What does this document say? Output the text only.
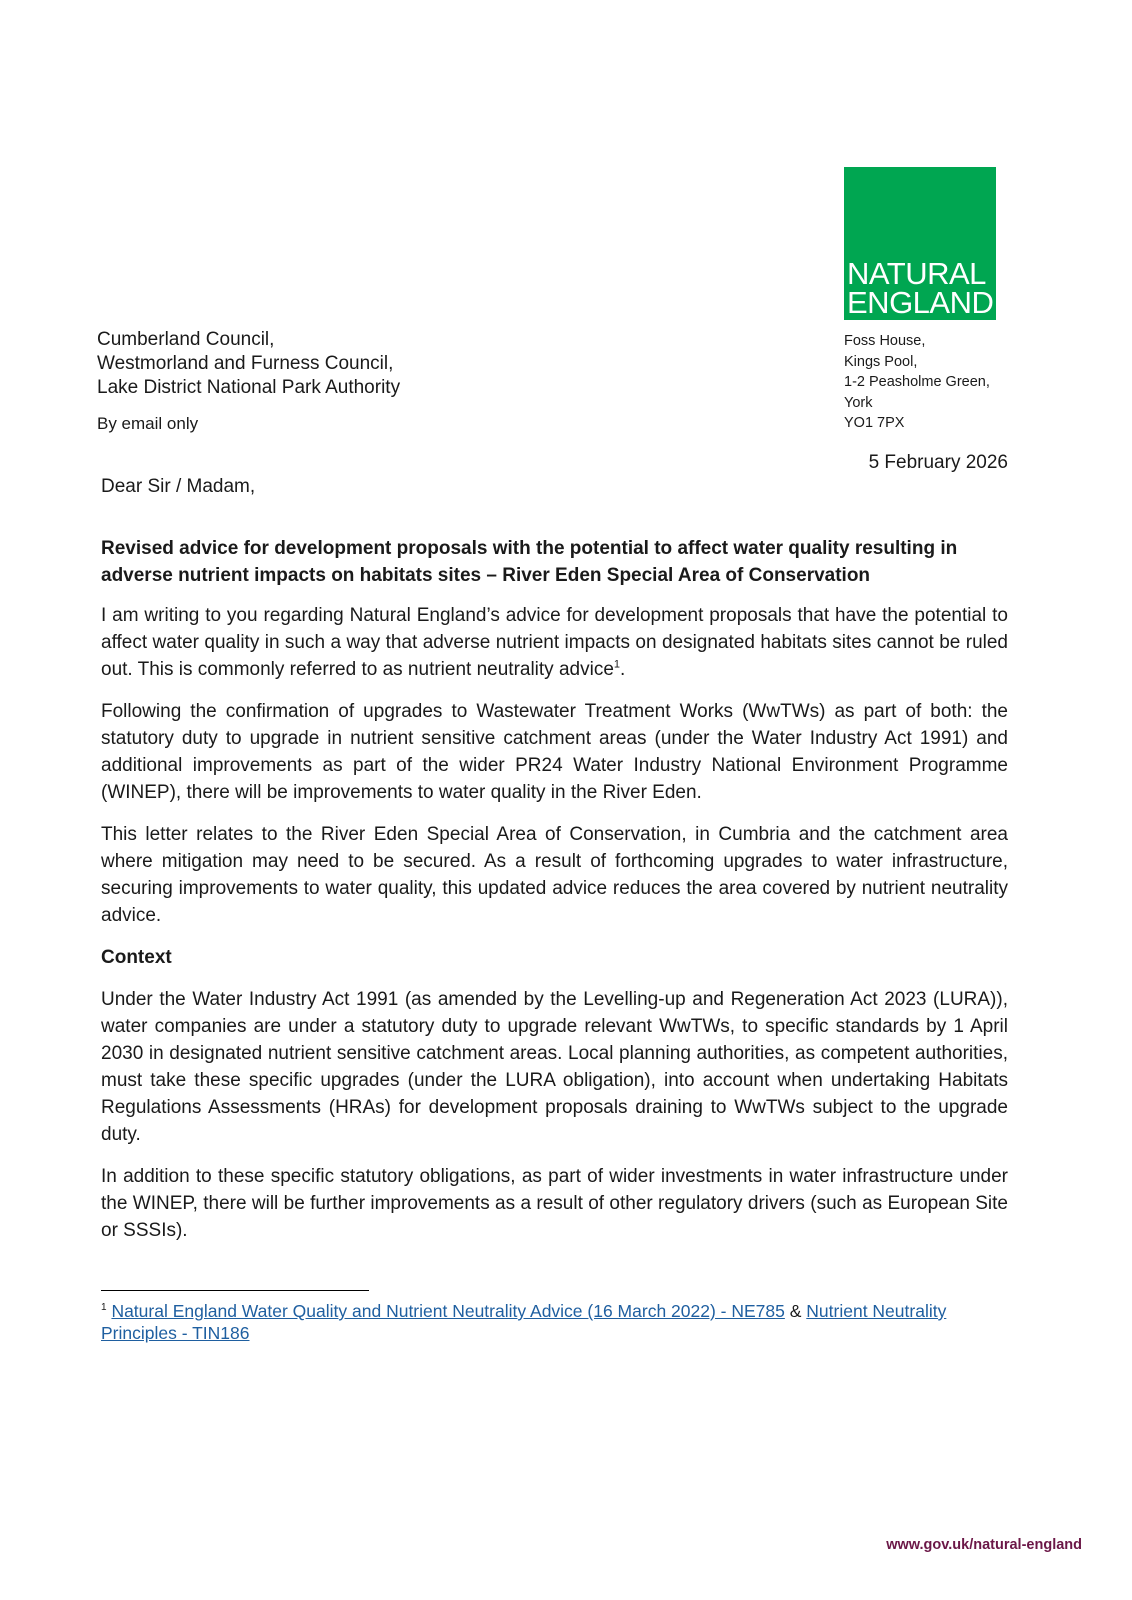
NATURAL
ENGLAND
Foss House,
Kings Pool,
1-2 Peasholme Green,
York
YO1 7PX
5 February 2026
Cumberland Council,
Westmorland and Furness Council,
Lake District National Park Authority
By email only
Dear Sir / Madam,
Revised advice for development proposals with the potential to affect water quality resulting in adverse nutrient impacts on habitats sites – River Eden Special Area of Conservation

I am writing to you regarding Natural England’s advice for development proposals that have the potential to affect water quality in such a way that adverse nutrient impacts on designated habitats sites cannot be ruled out. This is commonly referred to as nutrient neutrality advice$^1$.

Following the confirmation of upgrades to Wastewater Treatment Works (WwTWs) as part of both: the statutory duty to upgrade in nutrient sensitive catchment areas (under the Water Industry Act 1991) and additional improvements as part of the wider PR24 Water Industry National Environment Programme (WINEP), there will be improvements to water quality in the River Eden.

This letter relates to the River Eden Special Area of Conservation, in Cumbria and the catchment area where mitigation may need to be secured. As a result of forthcoming upgrades to water infrastructure, securing improvements to water quality, this updated advice reduces the area covered by nutrient neutrality advice.

Context

Under the Water Industry Act 1991 (as amended by the Levelling-up and Regeneration Act 2023 (LURA)), water companies are under a statutory duty to upgrade relevant WwTWs, to specific standards by 1 April 2030 in designated nutrient sensitive catchment areas. Local planning authorities, as competent authorities, must take these specific upgrades (under the LURA obligation), into account when undertaking Habitats Regulations Assessments (HRAs) for development proposals draining to WwTWs subject to the upgrade duty.

In addition to these specific statutory obligations, as part of wider investments in water infrastructure under the WINEP, there will be further improvements as a result of other regulatory drivers (such as European Site or SSSIs).

$^1$ Natural England Water Quality and Nutrient Neutrality Advice (16 March 2022) - NE785 & Nutrient Neutrality Principles - TIN186
www.gov.uk/natural-england
